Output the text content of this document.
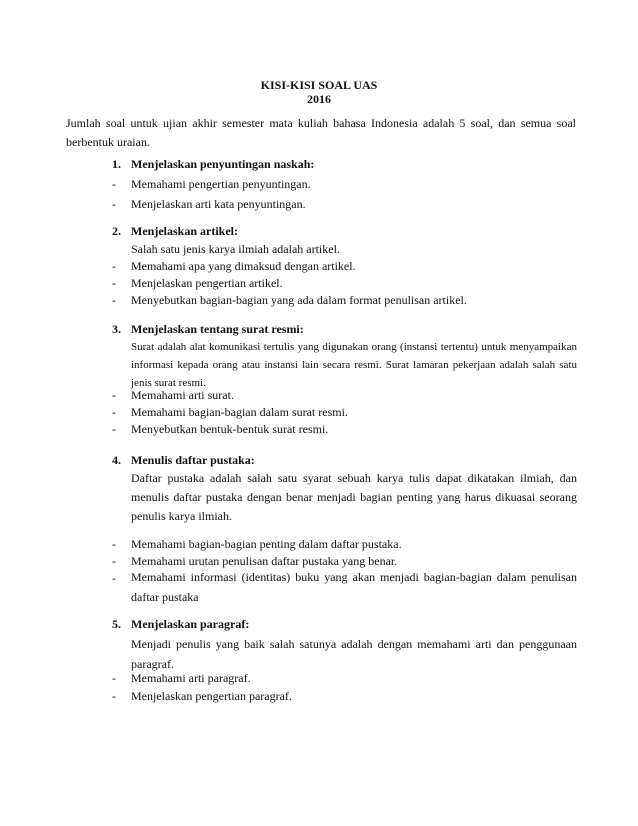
KISI-KISI SOAL UAS
2016

Jumlah soal untuk ujian akhir semester mata kuliah bahasa Indonesia adalah 5 soal, dan semua soal berbentuk uraian.

1. Menjelaskan penyuntingan naskah:
- Memahami pengertian penyuntingan.
- Menjelaskan arti kata penyuntingan.
2. Menjelaskan artikel:
Salah satu jenis karya ilmiah adalah artikel.
- Memahami apa yang dimaksud dengan artikel.
- Menjelaskan pengertian artikel.
- Menyebutkan bagian-bagian yang ada dalam format penulisan artikel.
3. Menjelaskan tentang surat resmi:

Surat adalah alat komunikasi tertulis yang digunakan orang (instansi tertentu) untuk menyampaikan informasi kepada orang atau instansi lain secara resmi. Surat lamaran pekerjaan adalah salah satu jenis surat resmi.

- Memahami arti surat.
- Memahami bagian-bagian dalam surat resmi.
- Menyebutkan bentuk-bentuk surat resmi.
4. Menulis daftar pustaka:

Daftar pustaka adalah salah satu syarat sebuah karya tulis dapat dikatakan ilmiah, dan menulis daftar pustaka dengan benar menjadi bagian penting yang harus dikuasai seorang penulis karya ilmiah.

- Memahami bagian-bagian penting dalam daftar pustaka.
- Memahami urutan penulisan daftar pustaka yang benar.
- Memahami informasi (identitas) buku yang akan menjadi bagian-bagian dalam penulisan daftar pustaka

5. Menjelaskan paragraf:

Menjadi penulis yang baik salah satunya adalah dengan memahami arti dan penggunaan paragraf.

- Memahami arti paragraf.
- Menjelaskan pengertian paragraf.
